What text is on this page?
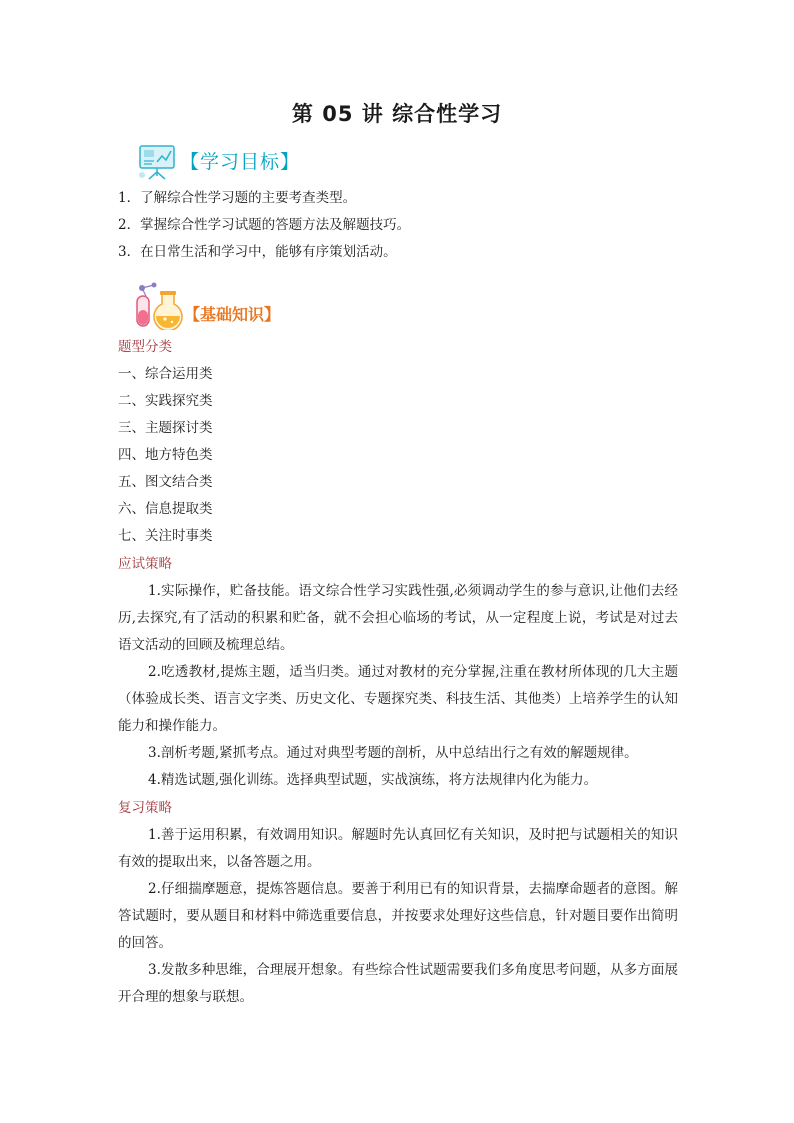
第 05 讲 综合性学习
【学习目标】
1．了解综合性学习题的主要考查类型。
2．掌握综合性学习试题的答题方法及解题技巧。
3．在日常生活和学习中，能够有序策划活动。
【基础知识】
题型分类
一、综合运用类
二、实践探究类
三、主题探讨类
四、地方特色类
五、图文结合类
六、信息提取类
七、关注时事类
应试策略
1.实际操作，贮备技能。语文综合性学习实践性强,必须调动学生的参与意识,让他们去经历,去探究,有了活动的积累和贮备，就不会担心临场的考试，从一定程度上说，考试是对过去语文活动的回顾及梳理总结。
2.吃透教材,提炼主题，适当归类。通过对教材的充分掌握,注重在教材所体现的几大主题（体验成长类、语言文字类、历史文化、专题探究类、科技生活、其他类）上培养学生的认知能力和操作能力。
3.剖析考题,紧抓考点。通过对典型考题的剖析，从中总结出行之有效的解题规律。
4.精选试题,强化训练。选择典型试题，实战演练，将方法规律内化为能力。
复习策略
1.善于运用积累，有效调用知识。解题时先认真回忆有关知识，及时把与试题相关的知识有效的提取出来，以备答题之用。
2.仔细揣摩题意，提炼答题信息。要善于利用已有的知识背景，去揣摩命题者的意图。解答试题时，要从题目和材料中筛选重要信息，并按要求处理好这些信息，针对题目要作出简明的回答。
3.发散多种思维，合理展开想象。有些综合性试题需要我们多角度思考问题，从多方面展开合理的想象与联想。
